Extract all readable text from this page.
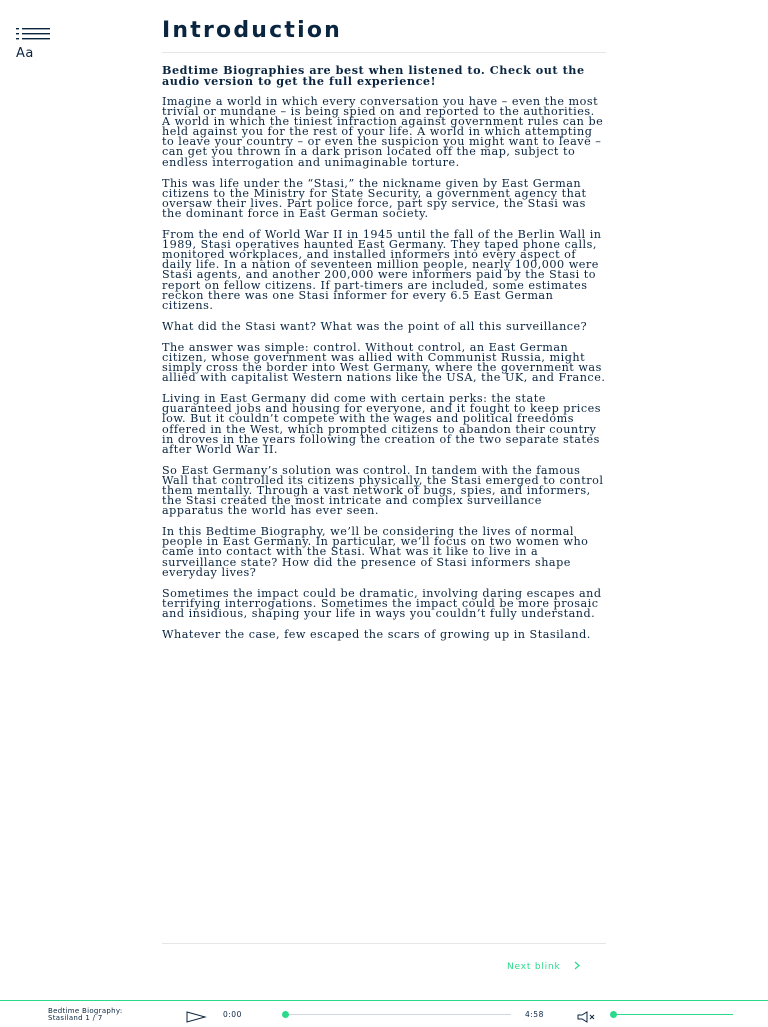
Aa
Introduction

Bedtime Biographies are best when listened to. Check out the audio version to get the full experience!

Imagine a world in which every conversation you have – even the most trivial or mundane – is being spied on and reported to the authorities. A world in which the tiniest infraction against government rules can be held against you for the rest of your life. A world in which attempting to leave your country – or even the suspicion you might want to leave – can get you thrown in a dark prison located off the map, subject to endless interrogation and unimaginable torture.

This was life under the “Stasi,” the nickname given by East German citizens to the Ministry for State Security, a government agency that oversaw their lives. Part police force, part spy service, the Stasi was the dominant force in East German society.

From the end of World War II in 1945 until the fall of the Berlin Wall in 1989, Stasi operatives haunted East Germany. They taped phone calls, monitored workplaces, and installed informers into every aspect of daily life. In a nation of seventeen million people, nearly 100,000 were Stasi agents, and another 200,000 were informers paid by the Stasi to report on fellow citizens. If part-timers are included, some estimates reckon there was one Stasi informer for every 6.5 East German citizens.

What did the Stasi want? What was the point of all this surveillance?

The answer was simple: control. Without control, an East German citizen, whose government was allied with Communist Russia, might simply cross the border into West Germany, where the government was allied with capitalist Western nations like the USA, the UK, and France.

Living in East Germany did come with certain perks: the state guaranteed jobs and housing for everyone, and it fought to keep prices low. But it couldn’t compete with the wages and political freedoms offered in the West, which prompted citizens to abandon their country in droves in the years following the creation of the two separate states after World War II.

So East Germany’s solution was control. In tandem with the famous Wall that controlled its citizens physically, the Stasi emerged to control them mentally. Through a vast network of bugs, spies, and informers, the Stasi created the most intricate and complex surveillance apparatus the world has ever seen.

In this Bedtime Biography, we’ll be considering the lives of normal people in East Germany. In particular, we’ll focus on two women who came into contact with the Stasi. What was it like to live in a surveillance state? How did the presence of Stasi informers shape everyday lives?

Sometimes the impact could be dramatic, involving daring escapes and terrifying interrogations. Sometimes the impact could be more prosaic and insidious, shaping your life in ways you couldn’t fully understand.

Whatever the case, few escaped the scars of growing up in Stasiland.

Next blink
Bedtime Biography:
Stasiland 1 / 7	0:00	4:58
